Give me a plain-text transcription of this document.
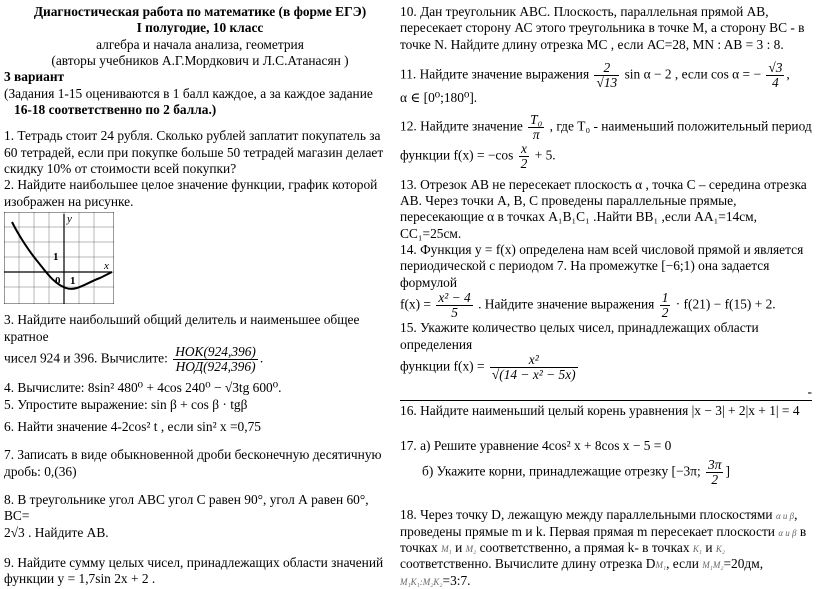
Диагностическая работа по математике (в форме ЕГЭ)

I полугодие, 10 класс

алгебра и начала анализа, геометрия

(авторы учебников А.Г.Мордкович и Л.С.Атанасян )

3 вариант

(Задания 1-15 оцениваются в 1 балл каждое, а за каждое задание

16-18 соответственно по 2 балла.)

1. Тетрадь стоит 24 рубля. Сколько рублей заплатит покупатель за 60 тетрадей, если при покупке больше 50 тетрадей магазин делает скидку 10% от стоимости всей покупки?

2. Найдите наибольшее целое значение функции, график которой изображен на рисунке.

y
1
0 1
x

3. Найдите наибольший общий делитель и наименьшее общее кратное

чисел 924 и 396. Вычислите: $\frac{\text{НОК(924,396)}}{\text{НОД(924,396)}}$ .

4. Вычислите: 8sin² 480⁰ + 4cos 240⁰ − √3tg 600⁰.

5. Упростите выражение: sin β + cos β · tgβ

6. Найти значение 4-2cos² t , если sin² x =0,75

7. Записать в виде обыкновенной дроби бесконечную десятичную дробь: 0,(36)

8. В треугольнике угол АВС угол С равен 90°, угол А равен 60°, ВС=

2√3 . Найдите АВ.

9. Найдите сумму целых чисел, принадлежащих области значений

функции y = 1,7sin 2x + 2 .

10. Дан треугольник АВС. Плоскость, параллельная прямой АВ, пересекает сторону АС этого треугольника в точке М, а сторону ВС - в точке N. Найдите длину отрезка МС , если АС=28, MN : AB = 3 : 8.

11. Найдите значение выражения $\frac{2}{√13}$ sin α − 2 , если cos α = − $\frac{√3}{4}$ ,

α ∈ [0⁰;180⁰].

12. Найдите значение $\frac{\text{T₀}}{\pi}$ , где T₀ - наименьший положительный период

функции $f(x) = -\cos \frac{x}{2} + 5$.

13. Отрезок АВ не пересекает плоскость α , точка С – середина отрезка АВ. Через точки А, В, С проведены параллельные прямые, пересекающие α в точках A₁B₁C₁ .Найти BB₁ ,если AA₁=14см, CC₁=25см.

14. Функция y = f(x) определена нам всей числовой прямой и является периодической с периодом 7. На промежутке [−6;1) она задается формулой

$f(x) = \frac{\text{x² − 4}}{5}$ . Найдите значение выражения $\frac{1}{2} \cdot f(21) - f(15) + 2$.

15. Укажите количество целых чисел, принадлежащих области определения

функции $f(x) = \frac{\text{x²}}{\text{√(14 − x² − 5x)}}$

-

16. Найдите наименьший целый корень уравнения |x − 3| + 2|x + 1| = 4

17. а) Решите уравнение 4cos² x + 8cos x − 5 = 0

б) Укажите корни, принадлежащие отрезку [−3π; $\frac{3\pi}{2}$ ]

18. Через точку D, лежащую между параллельными плоскостями α и β, проведены прямые m и k. Первая прямая m пересекает плоскости α и β в точках M₁ и M₂ соответственно, а прямая k- в точках K₁ и K₂ соответственно. Вычислите длину отрезка DM₁, если M₁M₂=20дм, M₁K₁:M₂K₂=3:7.
